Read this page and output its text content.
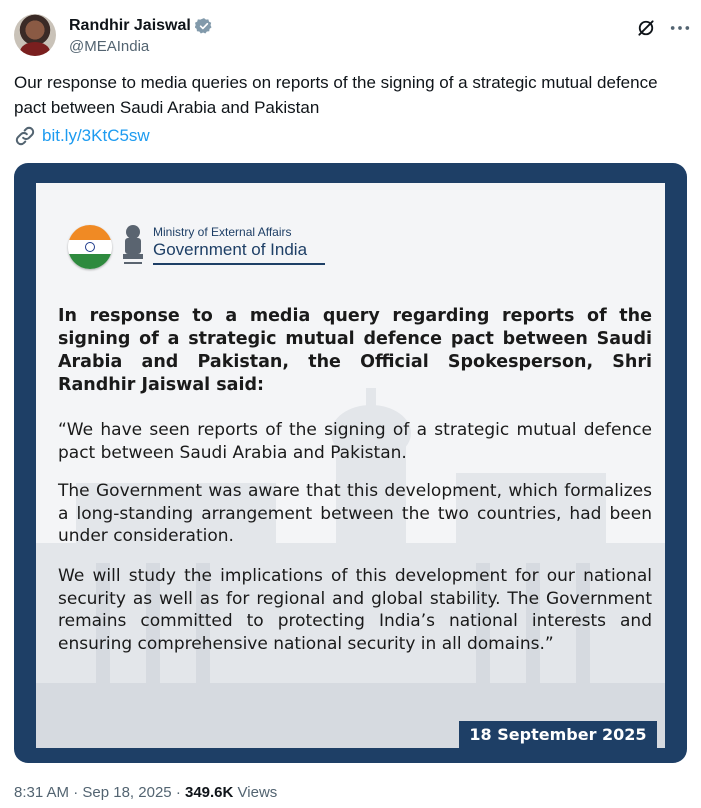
Randhir Jaiswal
@MEAIndia
Our response to media queries on reports of the signing of a strategic mutual defence pact between Saudi Arabia and Pakistan
bit.ly/3KtC5sw
Ministry of External Affairs
Government of India
In response to a media query regarding reports of the signing of a strategic mutual defence pact between Saudi Arabia and Pakistan, the Official Spokesperson, Shri Randhir Jaiswal said:
“We have seen reports of the signing of a strategic mutual defence pact between Saudi Arabia and Pakistan.
The Government was aware that this development, which formalizes a long-standing arrangement between the two countries, had been under consideration.
We will study the implications of this development for our national security as well as for regional and global stability. The Government remains committed to protecting India’s national interests and ensuring comprehensive national security in all domains.”
18 September 2025
8:31 AM · Sep 18, 2025 · 349.6K Views
